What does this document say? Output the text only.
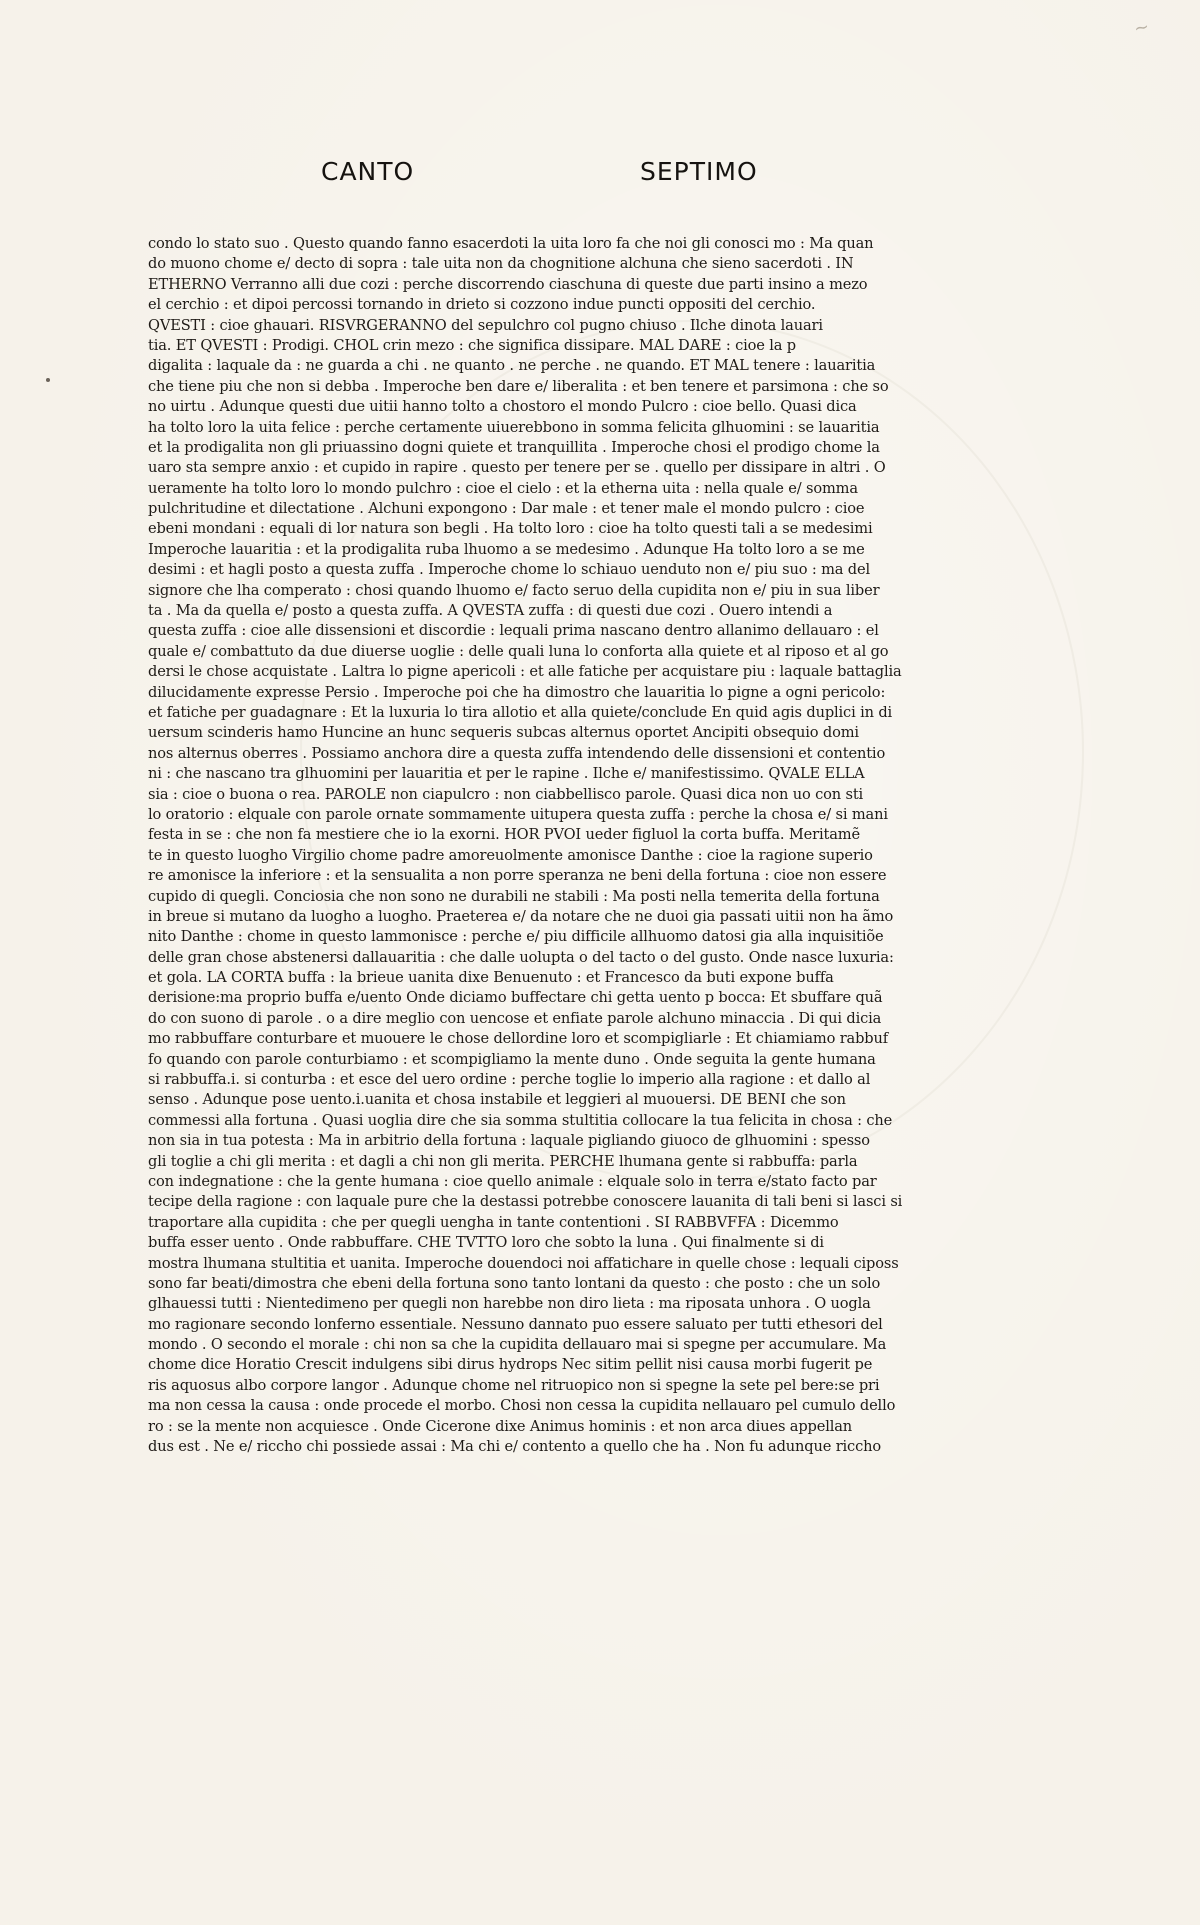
~
CANTO	SEPTIMO
condo lo stato suo . Questo quando fanno esacerdoti la uita loro fa che noi gli conosci mo : Ma quan
do muono chome e/ decto di sopra : tale uita non da chognitione alchuna che sieno sacerdoti . IN
ETHERNO Verranno alli due cozi : perche discorrendo ciaschuna di queste due parti insino a mezo
el cerchio : et dipoi percossi tornando in drieto si cozzono indue puncti oppositi del cerchio.
QVESTI : cioe ghauari. RISVRGERANNO del sepulchro col pugno chiuso . Ilche dinota lauari
tia. ET QVESTI : Prodigi. CHOL crin mezo : che significa dissipare. MAL DARE : cioe la p
digalita : laquale da : ne guarda a chi . ne quanto . ne perche . ne quando. ET MAL tenere : lauaritia
che tiene piu che non si debba . Imperoche ben dare e/ liberalita : et ben tenere et parsimona : che so
no uirtu . Adunque questi due uitii hanno tolto a chostoro el mondo Pulcro : cioe bello. Quasi dica
ha tolto loro la uita felice : perche certamente uiuerebbono in somma felicita glhuomini : se lauaritia
et la prodigalita non gli priuassino dogni quiete et tranquillita . Imperoche chosi el prodigo chome la
uaro sta sempre anxio : et cupido in rapire . questo per tenere per se . quello per dissipare in altri . O
ueramente ha tolto loro lo mondo pulchro : cioe el cielo : et la etherna uita : nella quale e/ somma
pulchritudine et dilectatione . Alchuni expongono : Dar male : et tener male el mondo pulcro : cioe
ebeni mondani : equali di lor natura son begli . Ha tolto loro : cioe ha tolto questi tali a se medesimi
Imperoche lauaritia : et la prodigalita ruba lhuomo a se medesimo . Adunque Ha tolto loro a se me
desimi : et hagli posto a questa zuffa . Imperoche chome lo schiauo uenduto non e/ piu suo : ma del
signore che lha comperato : chosi quando lhuomo e/ facto seruo della cupidita non e/ piu in sua liber
ta . Ma da quella e/ posto a questa zuffa. A QVESTA zuffa : di questi due cozi . Ouero intendi a
questa zuffa : cioe alle dissensioni et discordie : lequali prima nascano dentro allanimo dellauaro : el
quale e/ combattuto da due diuerse uoglie : delle quali luna lo conforta alla quiete et al riposo et al go
dersi le chose acquistate . Laltra lo pigne apericoli : et alle fatiche per acquistare piu : laquale battaglia
dilucidamente expresse Persio . Imperoche poi che ha dimostro che lauaritia lo pigne a ogni pericolo:
et fatiche per guadagnare : Et la luxuria lo tira allotio et alla quiete/conclude En quid agis duplici in di
uersum scinderis hamo Huncine an hunc sequeris subcas alternus oportet Ancipiti obsequio domi
nos alternus oberres . Possiamo anchora dire a questa zuffa intendendo delle dissensioni et contentio
ni : che nascano tra glhuomini per lauaritia et per le rapine . Ilche e/ manifestissimo. QVALE ELLA
sia : cioe o buona o rea. PAROLE non ciapulcro : non ciabbellisco parole. Quasi dica non uo con sti
lo oratorio : elquale con parole ornate sommamente uitupera questa zuffa : perche la chosa e/ si mani
festa in se : che non fa mestiere che io la exorni. HOR PVOI ueder figluol la corta buffa. Meritamẽ
te in questo luogho Virgilio chome padre amoreuolmente amonisce Danthe : cioe la ragione superio
re amonisce la inferiore : et la sensualita a non porre speranza ne beni della fortuna : cioe non essere
cupido di quegli. Conciosia che non sono ne durabili ne stabili : Ma posti nella temerita della fortuna
in breue si mutano da luogho a luogho. Praeterea e/ da notare che ne duoi gia passati uitii non ha ãmo
nito Danthe : chome in questo lammonisce : perche e/ piu difficile allhuomo datosi gia alla inquisitiõe
delle gran chose abstenersi dallauaritia : che dalle uolupta o del tacto o del gusto. Onde nasce luxuria:
et gola. LA CORTA buffa : la brieue uanita dixe Benuenuto : et Francesco da buti expone buffa
derisione:ma proprio buffa e/uento Onde diciamo buffectare chi getta uento p bocca: Et sbuffare quã
do con suono di parole . o a dire meglio con uencose et enfiate parole alchuno minaccia . Di qui dicia
mo rabbuffare conturbare et muouere le chose dellordine loro et scompigliarle : Et chiamiamo rabbuf
fo quando con parole conturbiamo : et scompigliamo la mente duno . Onde seguita la gente humana
si rabbuffa.i. si conturba : et esce del uero ordine : perche toglie lo imperio alla ragione : et dallo al
senso . Adunque pose uento.i.uanita et chosa instabile et leggieri al muouersi. DE BENI che son
commessi alla fortuna . Quasi uoglia dire che sia somma stultitia collocare la tua felicita in chosa : che
non sia in tua potesta : Ma in arbitrio della fortuna : laquale pigliando giuoco de glhuomini : spesso
gli toglie a chi gli merita : et dagli a chi non gli merita. PERCHE lhumana gente si rabbuffa: parla
con indegnatione : che la gente humana : cioe quello animale : elquale solo in terra e/stato facto par
tecipe della ragione : con laquale pure che la destassi potrebbe conoscere lauanita di tali beni si lasci si
traportare alla cupidita : che per quegli uengha in tante contentioni . SI RABBVFFA : Dicemmo
buffa esser uento . Onde rabbuffare. CHE TVTTO loro che sobto la luna . Qui finalmente si di
mostra lhumana stultitia et uanita. Imperoche douendoci noi affatichare in quelle chose : lequali ciposs
sono far beati/dimostra che ebeni della fortuna sono tanto lontani da questo : che posto : che un solo
glhauessi tutti : Nientedimeno per quegli non harebbe non diro lieta : ma riposata unhora . O uogla
mo ragionare secondo lonferno essentiale. Nessuno dannato puo essere saluato per tutti ethesori del
mondo . O secondo el morale : chi non sa che la cupidita dellauaro mai si spegne per accumulare. Ma
chome dice Horatio Crescit indulgens sibi dirus hydrops Nec sitim pellit nisi causa morbi fugerit pe
ris aquosus albo corpore langor . Adunque chome nel ritruopico non si spegne la sete pel bere:se pri
ma non cessa la causa : onde procede el morbo. Chosi non cessa la cupidita nellauaro pel cumulo dello
ro : se la mente non acquiesce . Onde Cicerone dixe Animus hominis : et non arca diues appellan
dus est . Ne e/ riccho chi possiede assai : Ma chi e/ contento a quello che ha . Non fu adunque riccho
